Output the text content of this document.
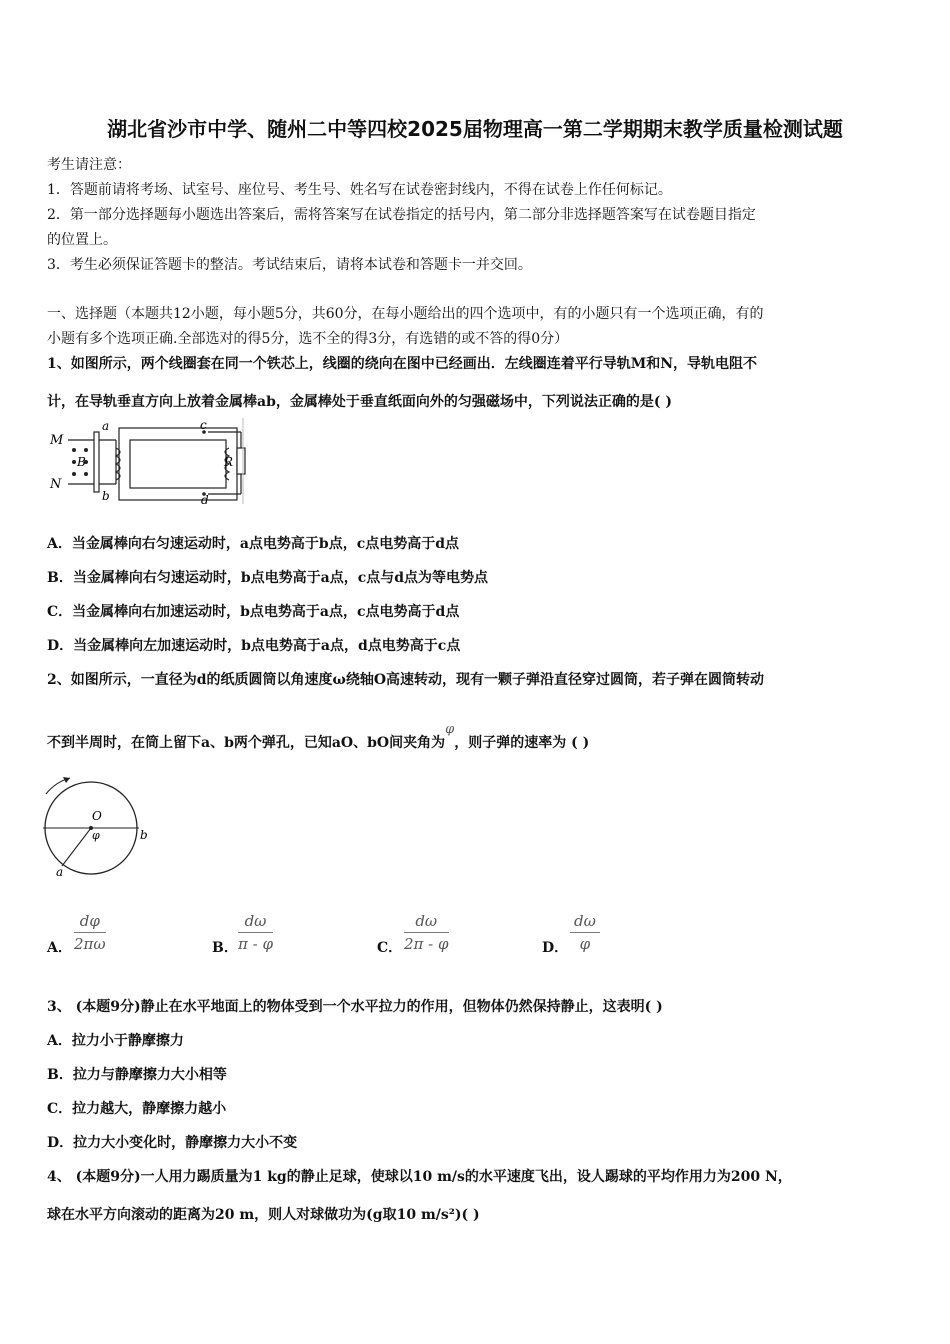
湖北省沙市中学、随州二中等四校2025届物理高一第二学期期末教学质量检测试题
考生请注意：
1．答题前请将考场、试室号、座位号、考生号、姓名写在试卷密封线内，不得在试卷上作任何标记。
2．第一部分选择题每小题选出答案后，需将答案写在试卷指定的括号内，第二部分非选择题答案写在试卷题目指定
的位置上。
3．考生必须保证答题卡的整洁。考试结束后，请将本试卷和答题卡一并交回。
一、选择题（本题共12小题，每小题5分，共60分，在每小题给出的四个选项中，有的小题只有一个选项正确，有的
小题有多个选项正确.全部选对的得5分，选不全的得3分，有选错的或不答的得0分）
1、如图所示，两个线圈套在同一个铁芯上，线圈的绕向在图中已经画出．左线圈连着平行导轨M和N，导轨电阻不
计，在导轨垂直方向上放着金属棒ab，金属棒处于垂直纸面向外的匀强磁场中，下列说法正确的是( )
M
N
a
b
c
d
B	R
A．当金属棒向右匀速运动时，a点电势高于b点，c点电势高于d点
B．当金属棒向右匀速运动时，b点电势高于a点，c点与d点为等电势点
C．当金属棒向右加速运动时，b点电势高于a点，c点电势高于d点
D．当金属棒向左加速运动时，b点电势高于a点，d点电势高于c点
2、如图所示，一直径为d的纸质圆筒以角速度ω绕轴O高速转动，现有一颗子弹沿直径穿过圆筒，若子弹在圆筒转动
不到半周时，在筒上留下a、b两个弹孔，已知aO、bO间夹角为φ，则子弹的速率为 ( )
O
φ	b
a
A． $\frac{d\varphi}{2\pi\omega}$	B． $\frac{d\omega}{\pi - \varphi}$	C． $\frac{d\omega}{2\pi - \varphi}$	D． $\frac{d\omega}{\varphi}$
3、 (本题9分)静止在水平地面上的物体受到一个水平拉力的作用，但物体仍然保持静止，这表明( )
A．拉力小于静摩擦力
B．拉力与静摩擦力大小相等
C．拉力越大，静摩擦力越小
D．拉力大小变化时，静摩擦力大小不变
4、 (本题9分)一人用力踢质量为1 kg的静止足球，使球以10 m/s的水平速度飞出，设人踢球的平均作用力为200 N，
球在水平方向滚动的距离为20 m，则人对球做功为(g取10 m/s²)( )
